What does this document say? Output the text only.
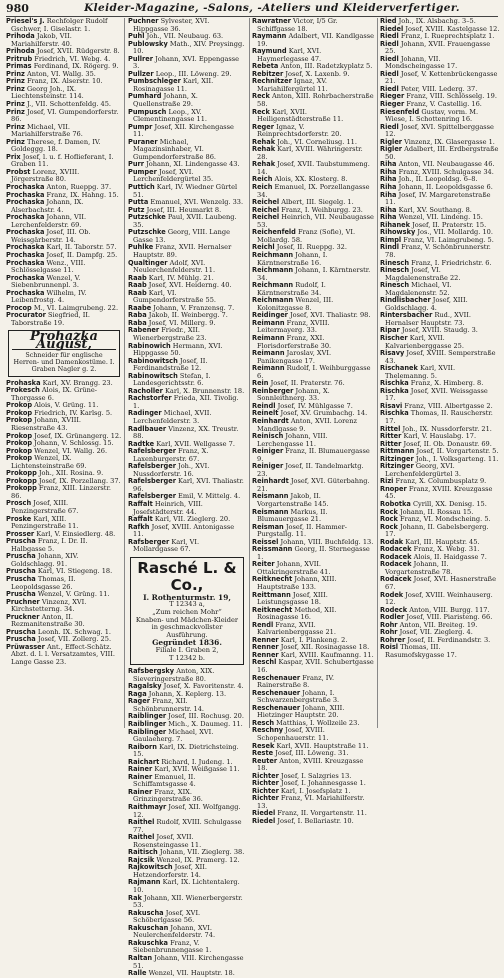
980	Kleider-Magazine, -Salons, -Ateliers und Kleiderverfertiger.
Priesel's J. Rechfolger Rudolf Gschwer, I. Giselastr. 1.
Prihoda Jakob, VII. Mariahilferstr. 40.
Prihoda Josef, XVII. Rüdgerstr. 8.
Pritrub Friedrich, VI. Webg. 4.
Primas Ferdinand, IX. Rögerg. 9.
Prinz Anton, VI. Wallg. 35.
Prinz Franz, IX. Alserstr. 10.
Prinz Georg Joh., IX. Liechtensteinstr. 114.
Prinz J., VII. Schottenfeldg. 45.
Prinz Josef, VI. Gumpendorferstr. 86.
Prinz Michael, VII. Mariahilferstraße 76.
Prinz Therese, f. Damen, IV. Goldeggg. 18.
Prix Josef, l. u. f. Hoflieferant, I. Graben 11.
Probst Lorenz, XVIII. Jörgerstraße 80.
Prochaska Anton, Rueppg. 37.
Prochaska Franz, IX. Hahng. 15.
Prochaska Johann, IX. Alserbachstr. 4.
Prochaska Johann, VII. Lerchenfelderstr. 69.
Prochaska Josef, III. Ob. Weissgärberstr. 14.
Prochaska Karl, II. Taborstr. 57.
Prochaska Josef, II. Dampfg. 25.
Prochaska Wenz., VIII. Schlösselgasse 11.
Prochaska Wenzel, V. Siebenbrunnenpl. 3.
Prochaska Wilhelm, IV. Leibenfrostg. 4.
Procop M., VI. Laimgrubeng. 22.
Procurator Siegfried, II. Taborstraße 19.
Prohazka August,
Schneider für englische Herren- und Damenkostüme. I. Graben Nagler g. 2.
Prohaska Karl, XV. Brangg. 23.
Prokesch Alois, IX. Grüne-Thorgasse 6.
Prokop Alois, V. Grüng. 11.
Prokop Friedrich, IV. Karlsg. 5.
Prokop Johann, XVIII. Riesenstraße 43.
Prokop Josef, IX. Grünangerg. 12.
Prokop Johann, V. Schlossg. 15.
Prokop Wenzel, VI. Wallg. 26.
Prokop Wenzel, IX. Lichtensteinstraße 69.
Prokopp Joh., XII. Rosina. 9.
Prokopp Josef, IX. Porzellang. 37.
Prokopp Franz, XIII. Linzerstr. 86.
Prosch Josef, XIII. Penzingerstraße 67.
Proske Karl, XIII. Penzingerstraße 11.
Prosser Karl, V. Einsiedlerg. 48.
Pruscha Franz, I. Dr. II. Halbgasse 5.
Pruscha Johann, XIV. Goldschlagg. 91.
Pruscha Karl, VI. Stiegeng. 18.
Pruscha Thomas, II. Leopoldsgasse 26.
Pruscha Wenzel, V. Grüng. 11.
Pruchner Vinzenz, XVI. Kirchstetterng. 34.
Pruckner Anton, II. Rezmanitenstraße 30.
Pruscha Leonh. IX. Schwag. 1.
Pruscha Josef, VII. Zollerg. 25.
Prüwasser Ant., Effect-Schätz. Abzt. d. l. l. Versatzamtes, VIII. Lange Gasse 23.
Puchner Sylvester, XVI. Hippgasse 36.
Puhl Joh., VII. Neubaug. 63.
Publowsky Math., XIV. Preysingg. 10.
Pullrer Johann, XVI. Eppengasse 3.
Pullzer Leop., III. Löweng. 29.
Pumbschleger Karl, XII. Rosinagasse 11.
Pumhard Johann, X. Quellenstraße 29.
Pumpusch Leop., XV. Clementinengasse 11.
Pumpr Josef, XII. Kirchengasse 11.
Puraner Michael, Magazinsinhaber, VI. Gumpendorferstraße 86.
Purr Johann, XI. Lindengasse 43.
Pumper Josef, XVI. Lerchenfeldergürtel 35.
Puttich Karl, IV. Wiedner Gürtel 51.
Putta Emanuel, XVI. Wenzelg. 33.
Putz Josef, III. Heumarkt 8.
Putzschke Paul, XVII. Laubeng. 35.
Putzschke Georg, VIII. Lange Gasse 13.
Puhlke Franz, XVII. Hernalser Hauptstr. 89.
Qualtinger Adolf, XVI. Neulerchenfelderstr. 11.
Raab Karl, IV. Mühlg. 21.
Raab Josef, XVI. Heiderng. 40.
Raab Karl, VI. Gumpendorferstraße 55.
Raabe Johann, V. Franzensg. 7.
Raba Jakob, II. Weinbergg. 7.
Raba Josef, VI. Millerg. 9.
Rabener Friedr., XII. Wienerbergstraße 23.
Rabinowich Hermann, XVI. Hippgasse 50.
Rabinowitsch Josef, II. Ferdinandstraße 12.
Rabinowitsch Stefan, I. Landesgerichtsstr. 6.
Racholler Karl, X. Brunnenstr. 18.
Rachstorfer Frieda, XII. Tivolig. 1.
Radinger Michael, XVII. Lerchenfelderstr. 3.
Radlbauer Vinzenz, XX. Treustr. 88.
Radtke Karl, XVII. Wellgasse 7.
Rafelsberger Franz, X. Laxenburgerstr. 67.
Rafelsberger Joh., XVI. Nussdorferstr. 16.
Rafelsberger Karl, XVI. Thaliastr. 96.
Rafelsberger Emil, V. Mittelg. 4.
Raffalt Heinrich, VIII. Josefstädterstr. 44.
Raffalt Karl, VII. Zieglerg. 20.
Rafkh Josef, XVIII. Antonigasse 11.
Rafsberger Karl, VI. Mollardgasse 67.
Rasché L. & Co.,
I. Rothenturmstr. 19,
T 12343 a,
„Zum reichen Mohr“
Knaben- und Mädchen-Kleider in geschmackvollster Ausführung.
Gegründet 1836.
Filiale I. Graben 2,
T 12342 b.
Rafsbergsky Anton, XIX. Sieveringerstraße 80.
Ragalsky Josef, X. Favoritenstr. 4.
Raga Johann, X. Keplerg. 13.
Rager Franz, XII. Schönbrunnerstr. 14.
Raiblinger Josef, III. Rochusg. 20.
Raiblinger Mich., X. Daumeg. 11.
Raiblinger Michael, XVI. Gaulaeherg. 7.
Raiborn Karl, IX. Dietrichsteing. 15.
Raichart Richard, I. Judeng. 1.
Rainer Karl, XVII. Weißgasse 11.
Rainer Emanuel, II. Schiffamtsgasse 4.
Rainer Franz, XIX. Grinzingerstraße 36.
Raithmayr Josef, XII. Wolfgangg. 12.
Raithel Rudolf, XVIII. Schulgasse 77.
Raithel Josef, XVII. Rosensteingasse 11.
Raitisch Johann, VII. Zieglerg. 38.
Rajcsik Wenzel, IX. Pramerg. 12.
Rajkowitsch Josef, XII. Hetzendorferstr. 14.
Rajmann Karl, IX. Lichtentalerg. 10.
Rak Johann, XII. Wienerbergerstr. 53.
Rakuscha Josef, XVI. Schöberlgasse 56.
Rakuschan Johann, XVI. Neulerchenfelderstr. 74.
Rakuschka Franz, V. Siebenbrunnengasse 1.
Raltan Johann, VIII. Kirchengasse 51.
Ralle Wenzel, VII. Hauptstr. 18.
Rawratner Victor, I/5 Gr. Schiffgasse 18.
Raymann Adalbert, VII. Kandlgasse 19.
Raymund Karl, XVI. Haymerlegasse 47.
Rebeta Anton, III. Radetzkyplatz 5.
Rebitzer Josef, X. Laxenb. 9.
Rechnitzer Ignaz, XV. Mariahilfergürtel 11.
Reck Anton, XIII. Rohrbacherstraße 58.
Reck Karl, XVII. Heiligenstädterstraße 11.
Reger Ignaz, V. Reinprechtsdorferstr. 20.
Rehak Joh., VI. Corneliusg. 11.
Rehak Karl, XVIII. Währingerstr. 28.
Rehak Josef, XVII. Taubstummeng. 14.
Reich Alois, XX. Klosterg. 8.
Reich Emanuel, IX. Porzellangasse 34.
Reichel Albert, III. Siegelg. 1.
Reichel Franz, I. Weihburgg. 23.
Reichel Heinrich, VII. Neubaugasse 53.
Reichenfeld Franz (Sofie), VI. Mollardg. 58.
Reichl Josef, II. Rueppg. 32.
Reichmann Johann, I. Kärntnerstraße 16.
Reichmann Johann, I. Kärntnerstr. 34.
Reichmann Rudolf, I. Kärntnerstraße 34.
Reichmann Wenzel, III. Kolonitzgasse 8.
Reidinger Josef, XVI. Thaliastr. 98.
Reimann Franz, XVIII. Leitermayerg. 33.
Reimann Franz, XXI. Florisdorferstraße 30.
Reimann Jaroslav, XVI. Panikengasse 17.
Reimann Rudolf, I. Weihburggasse 6.
Rein Josef, II. Praterstr. 76.
Reinberger Johann, X. Sonnleithnerg. 33.
Reindl Josef, IV. Mühlgasse 7.
Reinelt Josef, XV. Grumbachg. 14.
Reinhardt Anton, XVII. Lorenz Mandlgasse 9.
Reinisch Johann, VIII. Lerchengasse 11.
Reiniger Franz, II. Blumauergasse 9.
Reiniger Josef, II. Tandelmarktg. 23.
Reinhardt Josef, XVI. Güterbahng. 21.
Reismann Jakob, II. Vorgartenstraße 145.
Reismann Markus, II. Blumauergasse 21.
Reisman Josef, II. Hammer-Purgstallg. 11.
Reissel Johann, VIII. Buchfeldg. 13.
Reissmann Georg, II. Sternegasse 1.
Reiter Johann, XVII. Ottakringerstraße 41.
Reitknecht Johann, XIII. Hauptstraße 133.
Reittmann Josef, XIII. Leistungsgasse 18.
Reitknecht Method, XII. Rosinagasse 16.
Rendl Franz, XVII. Kalvarienberggasse 21.
Renner Karl, I. Plankeng. 2.
Renner Josef, XII. Rosinagasse 18.
Renner Karl, XVIII. Kaufmanng. 11.
Reschl Kaspar, XVII. Schubertgasse 16.
Reschenauer Franz, IV. Rainerstraße 8.
Reschenauer Johann, I. Schwarzenbergstraße 3.
Reschenauer Johann, XIII. Hietzinger Hauptstr. 20.
Resch Matthias, I. Wollzeile 23.
Reschny Josef, XVIII. Schopenhauerstr. 11.
Resek Karl, XVII. Hauptstraße 11.
Reste Josef, III. Löweng. 31.
Reuter Anton, XVIII. Kreuzgasse 18.
Richter Josef, I. Salzgries 13.
Richter Josef, I. Johannesgasse 1.
Richter Karl, I. Josefsplatz 1.
Richter Franz, VI. Mariahilferstr. 13.
Riedel Franz, II. Vorgartenstr. 11.
Riedel Josef, I. Bellariastr. 10.
Ried Joh., IX. Alsbachg. 3–5.
Riedel Josef, XVIII. Kastelgasse 12.
Riedl Franz, I. Rueprechtsplatz 1.
Riedl Johann, XVII. Frauengasse 25.
Riedl Johann, VII. Mondscheingasse 17.
Riedl Josef, V. Kettenbrückengasse 21.
Riedl Peter, VIII. Lederg. 37.
Rieger Franz, VIII. Schlösselg. 19.
Rieger Franz, V. Castellig. 16.
Riesenfeld Gustav, vorm. M. Wiese, I. Schottenring 16.
Riedl Josef, XVI. Spittelberggasse 12.
Rigler Vinzenz, IX. Glasergasse 1.
Rigler Adalbert, III. Erdbergstraße 50.
Riha Anton, VII. Neubaugasse 46.
Riha Franz, XVIII. Schulgasse 34.
Riha Joh., II. Leopoldsg. 6–8.
Riha Johann, II. Leopoldsgasse 6.
Riha Josef, IV. Margaretenstraße 11.
Riha Karl, XV. Southang. 8.
Riha Wenzel, VII. Lindeng. 15.
Rihanek Josef, II. Praterstr. 15.
Rihowsky Jos., VII. Mollardg. 10.
Rimpl Franz, VI. Laimgrubeng. 5.
Rindl Franz, V. Schönbrunnerstr. 78.
Rinesch Franz, I. Friedrichstr. 6.
Rinesch Josef, VI. Magdalenenstraße 22.
Rinesch Michael, VI. Magdalenenstr. 52.
Rindlisbacher Josef, XIII. Goldschlagg. 4.
Rintersbacher Rud., XVII. Hernalser Hauptstr. 73.
Ripar Josef, XVIII. Staudg. 3.
Rischer Karl, XVII. Kalvarienberggasse 25.
Risavy Josef, XVIII. Semperstraße 43.
Rischanek Karl, XVII. Thelemanng. 5.
Rischka Franz, X. Himberg. 8.
Rischka Josef, XVII. Weissgasse 17.
Risavi Franz, VIII. Albertgasse 2.
Rischka Thomas, II. Rauscherstr. 17.
Rittel Joh., IX. Nussdorferstr. 21.
Ritter Karl, V. Hauslabg. 17.
Ritter Josef, II. Ob. Donaustr. 69.
Rittmann Josef, II. Vorgartenstr. 5.
Ritzinger Joh., I. Volksgarteng. 11.
Ritzinger Georg, XVI. Lerchenfeldergürtel 3.
Rizi Franz, X. Columbusplatz 9.
Rnoper Franz, XVIII. Kreuzgasse 45.
Robotka Cyrill, XX. Denisg. 15.
Rock Johann, II. Rossau 15.
Rock Franz, VI. Mondscheing. 5.
Rock Johann, II. Gabelsbergerg. 17.
Rodak Karl, III. Hauptstr. 45.
Rodacek Franz, X. Webg. 31.
Rodacek Alois, II. Haidgasse 7.
Rodacek Johann, II. Vorgartenstraße 78.
Rodacek Josef, XVI. Hasnerstraße 67.
Rodek Josef, XVIII. Weinhauserg. 12.
Rodeck Anton, VIII. Burgg. 117.
Rodler Josef, VIII. Piaristeng. 66.
Rohr Anton, VII. Breiteg. 19.
Rohr Josef, VII. Zieglerg. 4.
Rohrer Josef, II. Ferdinandstr. 3.
Roisl Thomas, III. Rasumofskygasse 17.
